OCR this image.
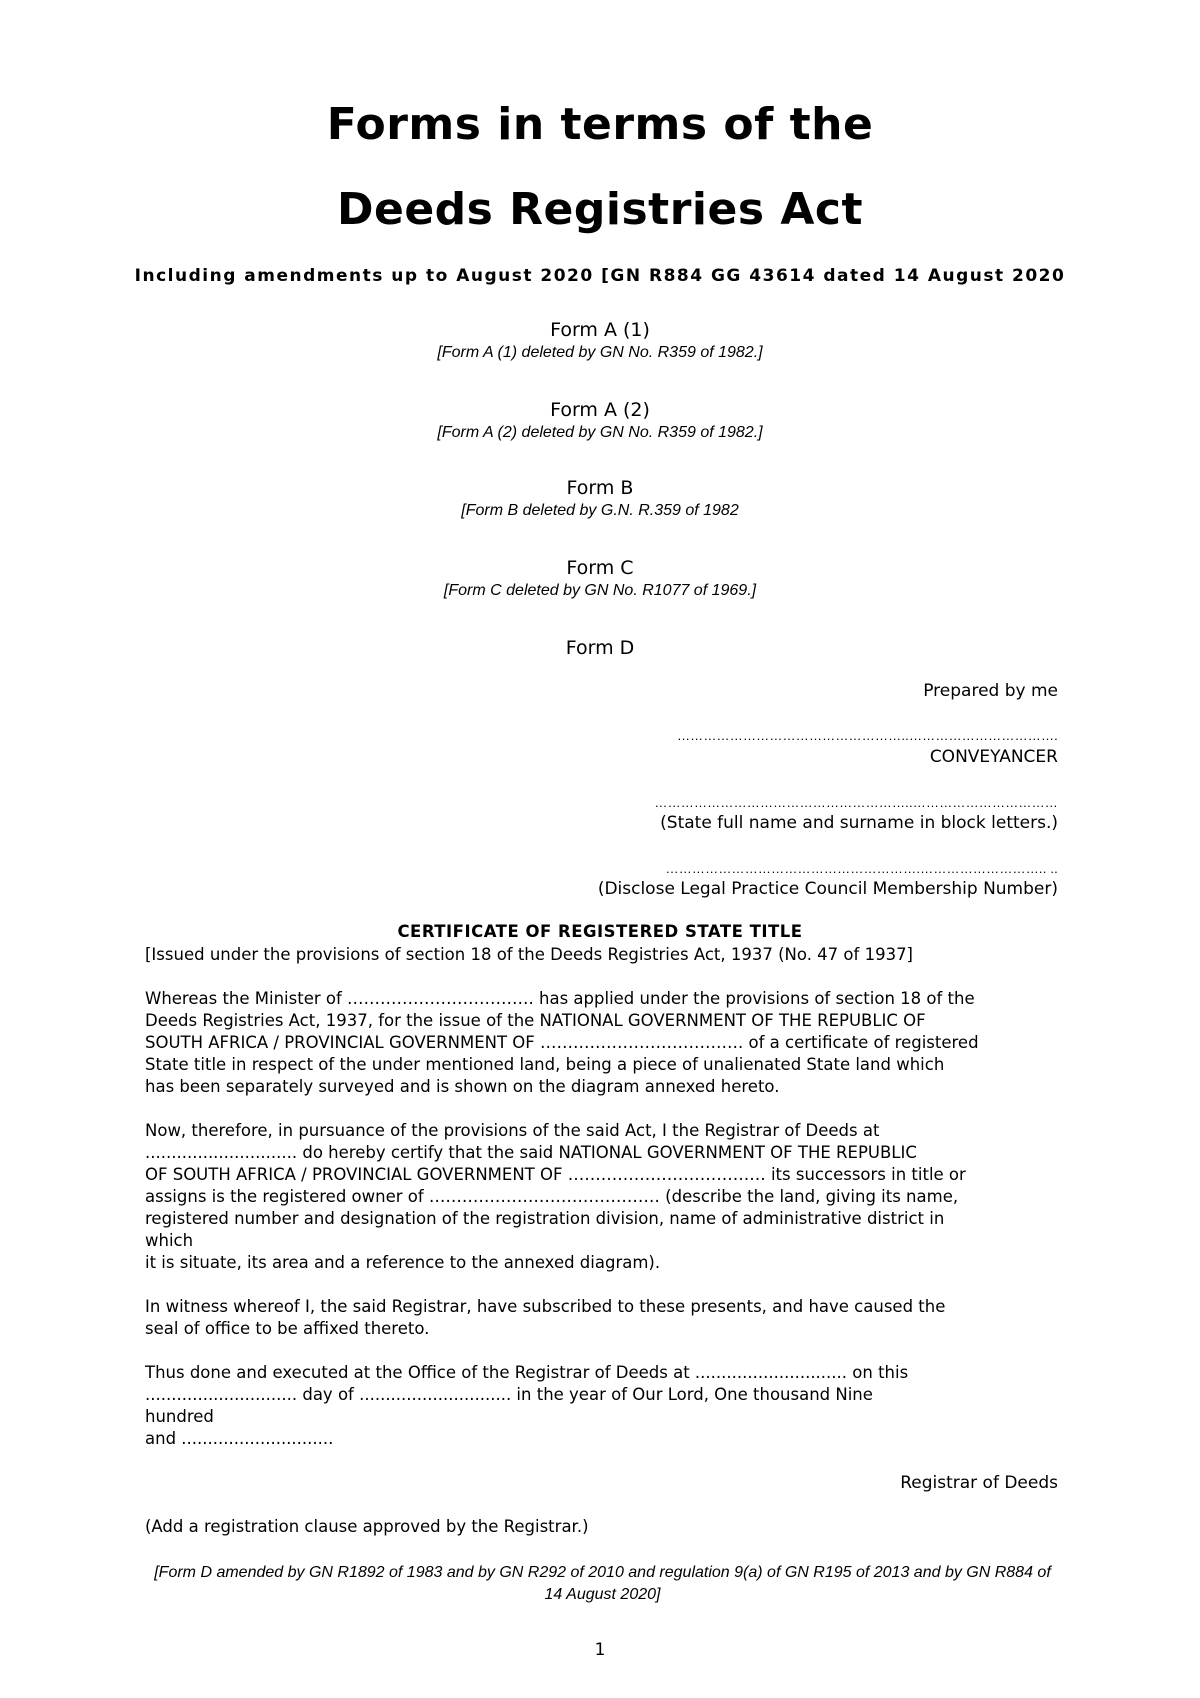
Forms in terms of the
Deeds Registries Act
Including amendments up to August 2020 [GN R884 GG 43614 dated 14 August 2020
Form A (1)
[Form A (1) deleted by GN No. R359 of 1982.]
Form A (2)
[Form A (2) deleted by GN No. R359 of 1982.]
Form B
[Form B deleted by G.N. R.359 of 1982
Form C
[Form C deleted by GN No. R1077 of 1969.]
Form D
Prepared by me
……………………………………………..…………………………….
CONVEYANCER
…………………………………………………..……………………………
(State full name and surname in block letters.)
………………………………………………….……………………….. ..
(Disclose Legal Practice Council Membership Number)
CERTIFICATE OF REGISTERED STATE TITLE
[Issued under the provisions of section 18 of the Deeds Registries Act, 1937 (No. 47 of 1937]
Whereas the Minister of ……………………………. has applied under the provisions of section 18 of the
Deeds Registries Act, 1937, for the issue of the NATIONAL GOVERNMENT OF THE REPUBLIC OF
SOUTH AFRICA / PROVINCIAL GOVERNMENT OF ………………………………. of a certificate of registered
State title in respect of the under mentioned land, being a piece of unalienated State land which
has been separately surveyed and is shown on the diagram annexed hereto.
Now, therefore, in pursuance of the provisions of the said Act, I the Registrar of Deeds at
............................. do hereby certify that the said NATIONAL GOVERNMENT OF THE REPUBLIC
OF SOUTH AFRICA / PROVINCIAL GOVERNMENT OF ……………………………… its successors in title or
assigns is the registered owner of …………………………………… (describe the land, giving its name,
registered number and designation of the registration division, name of administrative district in
which
it is situate, its area and a reference to the annexed diagram).
In witness whereof I, the said Registrar, have subscribed to these presents, and have caused the
seal of office to be affixed thereto.
Thus done and executed at the Office of the Registrar of Deeds at ............................. on this
............................. day of ............................. in the year of Our Lord, One thousand Nine
hundred
and .............................
Registrar of Deeds
(Add a registration clause approved by the Registrar.)
[Form D amended by GN R1892 of 1983 and by GN R292 of 2010 and regulation 9(a) of GN R195 of 2013 and by GN R884 of 14 August 2020]
1
